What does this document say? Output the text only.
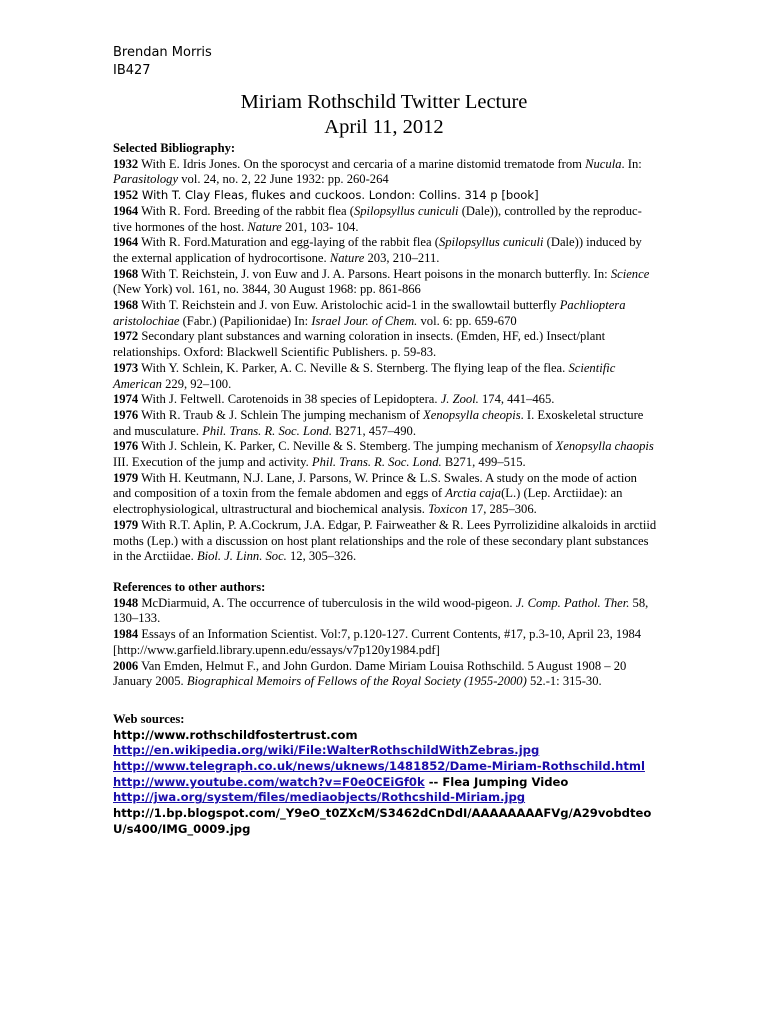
Brendan Morris
IB427
Miriam Rothschild Twitter Lecture
April 11, 2012
Selected Bibliography:
1932 With E. Idris Jones. On the sporocyst and cercaria of a marine distomid trematode from Nucula. In: Parasitology vol. 24, no. 2, 22 June 1932: pp. 260-264
1952 With T. Clay Fleas, flukes and cuckoos. London: Collins. 314 p [book]
1964 With R. Ford. Breeding of the rabbit flea (Spilopsyllus cuniculi (Dale)), controlled by the reproduc-tive hormones of the host. Nature 201, 103- 104.
1964 With R. Ford.Maturation and egg-laying of the rabbit flea (Spilopsyllus cuniculi (Dale)) induced by the external application of hydrocortisone. Nature 203, 210–211.
1968 With T. Reichstein, J. von Euw and J. A. Parsons. Heart poisons in the monarch butterfly. In: Science (New York) vol. 161, no. 3844, 30 August 1968: pp. 861-866
1968 With T. Reichstein and J. von Euw. Aristolochic acid-1 in the swallowtail butterfly Pachlioptera aristolochiae (Fabr.) (Papilionidae) In: Israel Jour. of Chem. vol. 6: pp. 659-670
1972 Secondary plant substances and warning coloration in insects. (Emden, HF, ed.) Insect/plant relationships. Oxford: Blackwell Scientific Publishers. p. 59-83.
1973 With Y. Schlein, K. Parker, A. C. Neville & S. Sternberg. The flying leap of the flea. Scientific American 229, 92–100.
1974 With J. Feltwell. Carotenoids in 38 species of Lepidoptera. J. Zool. 174, 441–465.
1976 With R. Traub & J. Schlein The jumping mechanism of Xenopsylla cheopis. I. Exoskeletal structure and musculature. Phil. Trans. R. Soc. Lond. B271, 457–490.
1976 With J. Schlein, K. Parker, C. Neville & S. Stemberg. The jumping mechanism of Xenopsylla chaopis III. Execution of the jump and activity. Phil. Trans. R. Soc. Lond. B271, 499–515.
1979 With H. Keutmann, N.J. Lane, J. Parsons, W. Prince & L.S. Swales. A study on the mode of action and composition of a toxin from the female abdomen and eggs of Arctia caja(L.) (Lep. Arctiidae): an electrophysiological, ultrastructural and biochemical analysis. Toxicon 17, 285–306.
1979 With R.T. Aplin, P. A.Cockrum, J.A. Edgar, P. Fairweather & R. Lees Pyrrolizidine alkaloids in arctiid moths (Lep.) with a discussion on host plant relationships and the role of these secondary plant substances in the Arctiidae. Biol. J. Linn. Soc. 12, 305–326.
References to other authors:
1948 McDiarmuid, A. The occurrence of tuberculosis in the wild wood-pigeon. J. Comp. Pathol. Ther. 58, 130–133.
1984 Essays of an Information Scientist. Vol:7, p.120-127. Current Contents, #17, p.3-10, April 23, 1984 [http://www.garfield.library.upenn.edu/essays/v7p120y1984.pdf]
2006 Van Emden, Helmut F., and John Gurdon. Dame Miriam Louisa Rothschild. 5 August 1908 – 20 January 2005. Biographical Memoirs of Fellows of the Royal Society (1955-2000) 52.-1: 315-30.
Web sources:
http://www.rothschildfostertrust.com
http://en.wikipedia.org/wiki/File:WalterRothschildWithZebras.jpg
http://www.telegraph.co.uk/news/uknews/1481852/Dame-Miriam-Rothschild.html
http://www.youtube.com/watch?v=F0e0CEiGf0k -- Flea Jumping Video
http://jwa.org/system/files/mediaobjects/Rothcshild-Miriam.jpg
http://1.bp.blogspot.com/_Y9eO_t0ZXcM/S3462dCnDdI/AAAAAAAAFVg/A29vobdteoU/s400/IMG_0009.jpg
